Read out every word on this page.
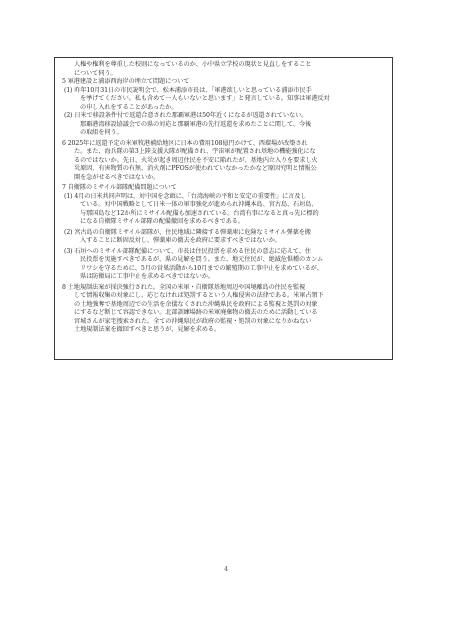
人権や権利を尊重した校則になっているのか、小中県立学校の現状と見直しをすること

について伺う。

5 軍港建設と浦添西海岸の埋立て問題について

(1) 昨年10月31日の市民説明会で、松本浦添市長は、「軍港欲しいと思っている浦添市民手

を挙げてください。私も含めて一人もいないと思います」と発言している。知事は軍港反対

の申し入れをすることがあったか。

(2) 日米で移設条件付で返還合意された那覇軍港は50年近くになるが返還されていない。

那覇港湾移設協議会での県の対応と那覇軍港の先行返還を求めたことに関して、今後

の取組を伺う。

6 2025年に返還予定の米軍牧港補給地区に日本の費用108億円かけて、西環場が改築され

た。また、海兵隊の第3上陸支援大隊が配備され、宇宙軍が配置され基地の機能強化にな

るのではないか。先日、火災が起き周辺住民を不安に陥れたが、基地内立入りを要求し火

災原因、有害物質の有無、消火剤にPFOSが使われていなかったかなど原因究明と情報公

開を急がせるべきではないか。

7 自衛隊のミサイル部隊配備問題について

(1) 4月の日米共同声明は、対中国を念頭に、「台湾海峡の平和と安定の重要性」に言及し

ている。対中国戦略として日米一体の軍事強化が進められ沖縄本島、宮古島、石垣島、

与那国島など12か所にミサイル配備も加速されている。台湾有事になると真っ先に標的

になる自衛隊ミサイル部隊の配備撤回を求めるべきである。

(2) 宮古島の自衛隊ミサイル部隊が、住民地域に隣接する弾薬庫に危険なミサイル弾薬を搬

入することに断固反対し、弾薬庫の撤去を政府に要求すべきではないか。

(3) 石垣へのミサイル部隊配備について、市長は住民投票を求める住民の意志に応えて、住

民投票を実施すべきであるが、県の見解を問う。また、地元住民が、絶滅危惧種のカンム

リワシを守るために、5月の営巣活動から10月までの繁殖期の工事中止を求めているが、

県は防衛局に工事中止を求めるべきではないか。

8 土地規制法案が採決強行された。全国の米軍・自衛隊基地周辺や国境離島の住民を監視

して情報収集の対象にし、応じなければ処罰するという人権侵害の法律である。米軍占領下

の土地強奪で基地周辺での生活を余儀なくされた沖縄県民を政府による監視と処罰の対象

にするなど断じて容認できない。北部訓練場跡の米軍廃棄物の撤去のために活動している

宮城さんが家宅捜索された。全ての沖縄県民が政府の監視・処罰の対象になりかねない

土地規制法案を撤回すべきと思うが、見解を求める。

4
